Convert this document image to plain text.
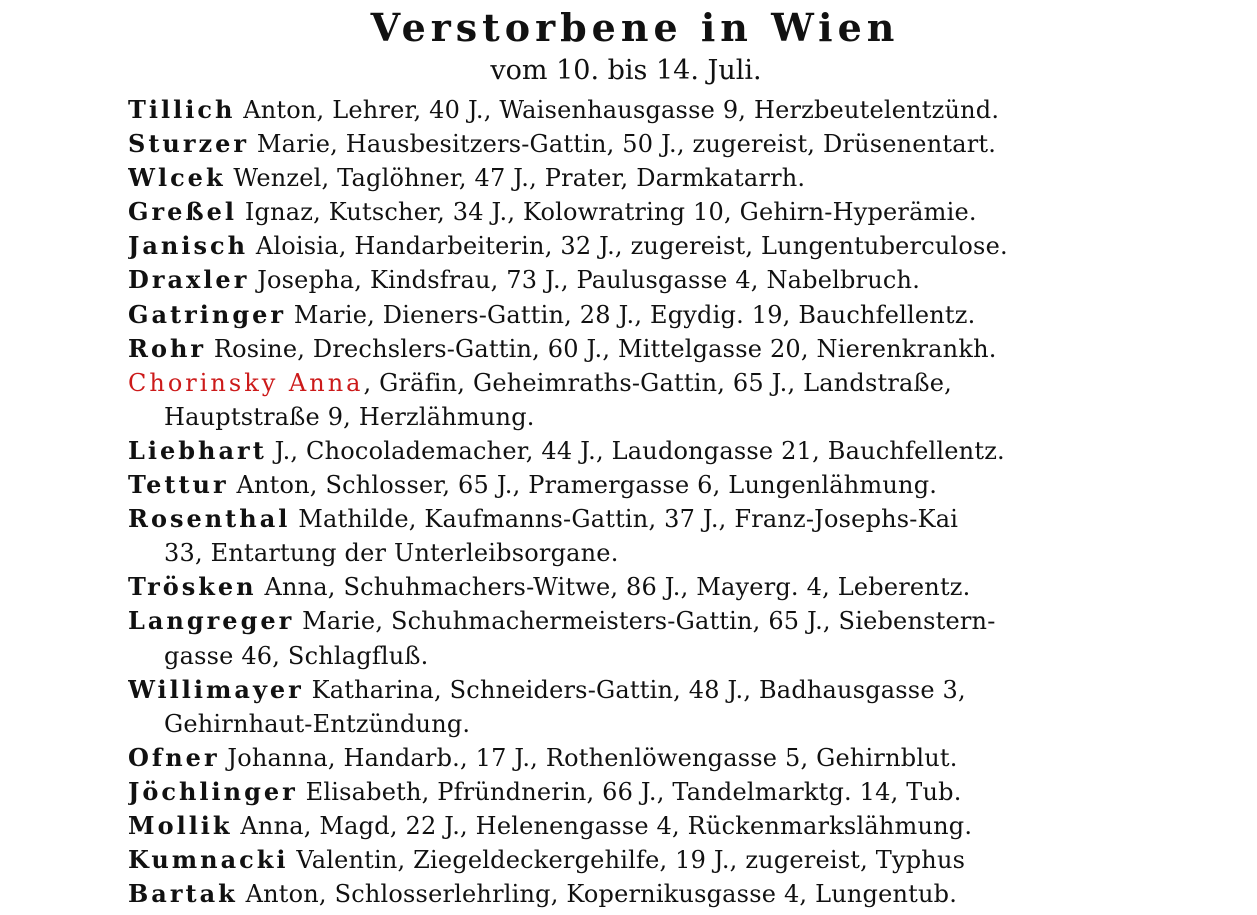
Verstorbene in Wien
vom 10. bis 14. Juli.
Tillich Anton, Lehrer, 40 J., Waisenhausgasse 9, Herzbeutelentzünd.
Sturzer Marie, Hausbesitzers-Gattin, 50 J., zugereist, Drüsenentart.
Wlcek Wenzel, Taglöhner, 47 J., Prater, Darmkatarrh.
Greßel Ignaz, Kutscher, 34 J., Kolowratring 10, Gehirn-Hyperämie.
Janisch Aloisia, Handarbeiterin, 32 J., zugereist, Lungentuberculose.
Draxler Josepha, Kindsfrau, 73 J., Paulusgasse 4, Nabelbruch.
Gatringer Marie, Dieners-Gattin, 28 J., Egydig. 19, Bauchfellentz.
Rohr Rosine, Drechslers-Gattin, 60 J., Mittelgasse 20, Nierenkrankh.
Chorinsky Anna, Gräfin, Geheimraths-Gattin, 65 J., Landstraße,
Hauptstraße 9, Herzlähmung.
Liebhart J., Chocolademacher, 44 J., Laudongasse 21, Bauchfellentz.
Tettur Anton, Schlosser, 65 J., Pramergasse 6, Lungenlähmung.
Rosenthal Mathilde, Kaufmanns-Gattin, 37 J., Franz-Josephs-Kai
33, Entartung der Unterleibsorgane.
Trösken Anna, Schuhmachers-Witwe, 86 J., Mayerg. 4, Leberentz.
Langreger Marie, Schuhmachermeisters-Gattin, 65 J., Siebenstern-
gasse 46, Schlagfluß.
Willimayer Katharina, Schneiders-Gattin, 48 J., Badhausgasse 3,
Gehirnhaut-Entzündung.
Ofner Johanna, Handarb., 17 J., Rothenlöwengasse 5, Gehirnblut.
Jöchlinger Elisabeth, Pfründnerin, 66 J., Tandelmarktg. 14, Tub.
Mollik Anna, Magd, 22 J., Helenengasse 4, Rückenmarkslähmung.
Kumnacki Valentin, Ziegeldeckergehilfe, 19 J., zugereist, Typhus
Bartak Anton, Schlosserlehrling, Kopernikusgasse 4, Lungentub.
